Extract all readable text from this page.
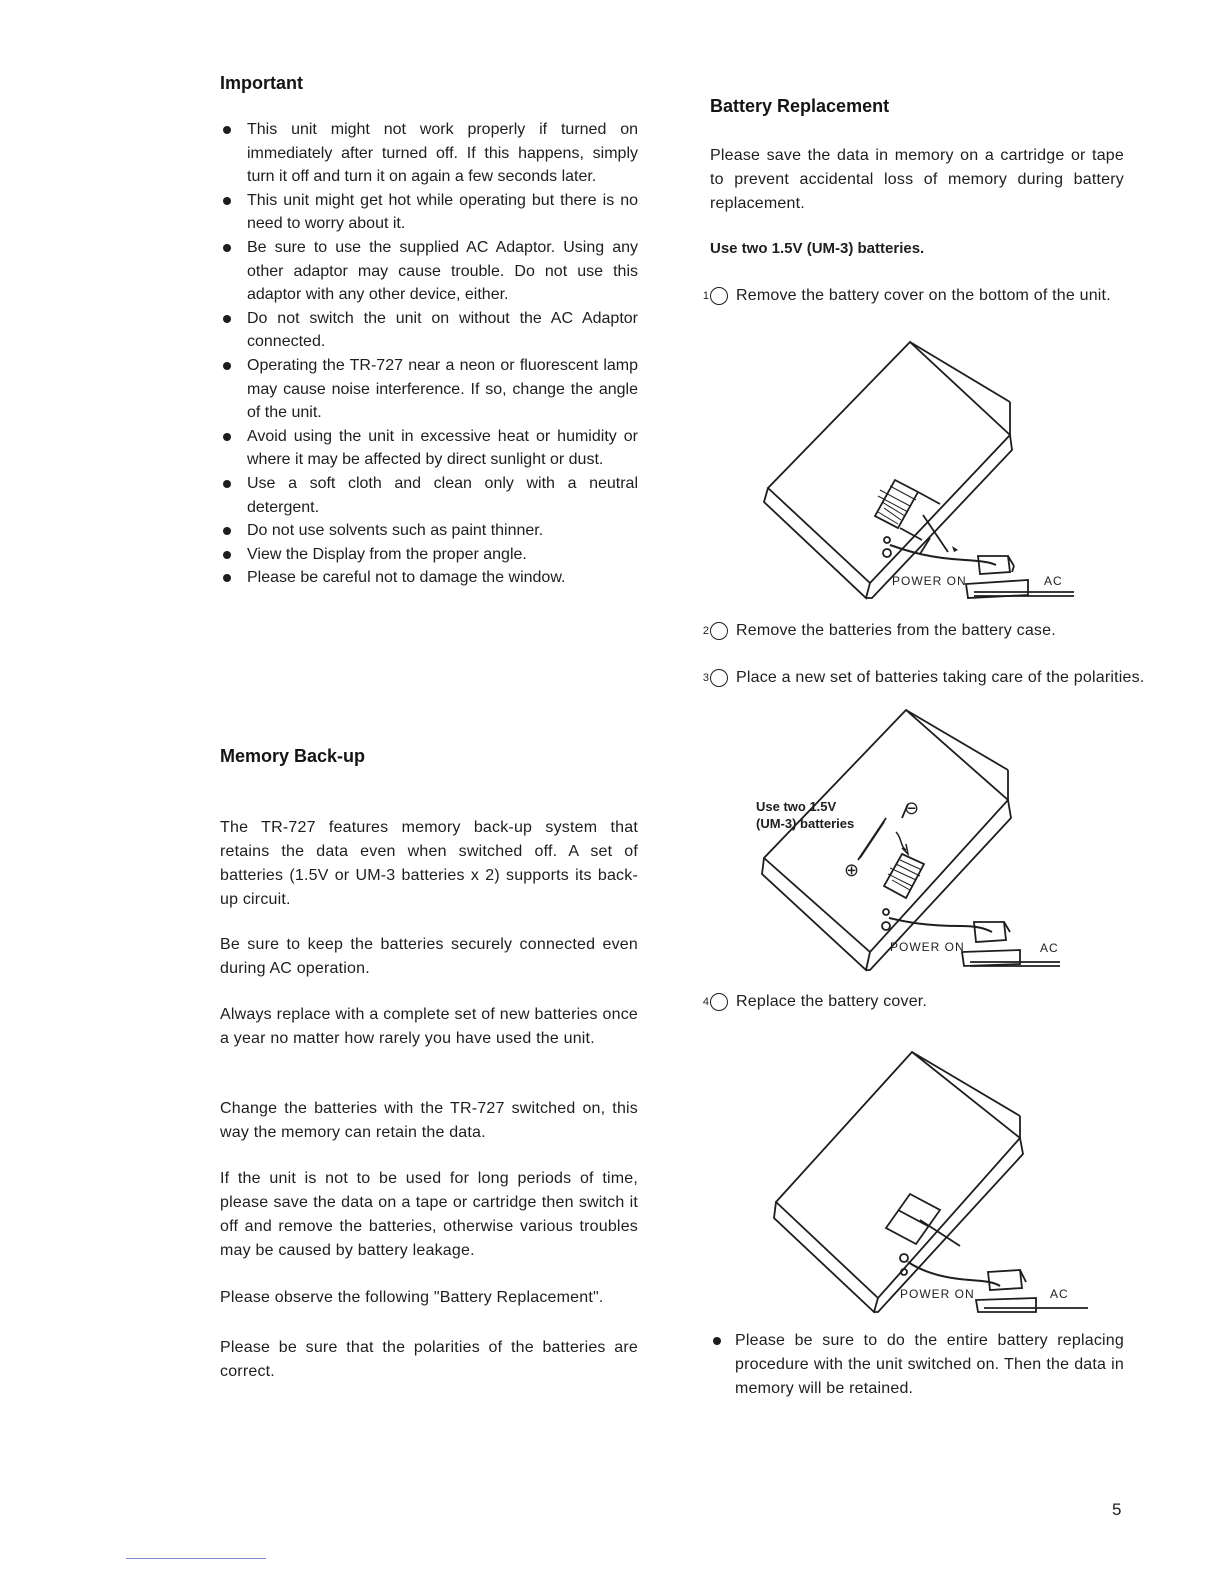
Important
This unit might not work properly if turned on immediately after turned off. If this happens, simply turn it off and turn it on again a few seconds later.
This unit might get hot while operating but there is no need to worry about it.
Be sure to use the supplied AC Adaptor. Using any other adaptor may cause trouble. Do not use this adaptor with any other device, either.
Do not switch the unit on without the AC Adaptor connected.
Operating the TR-727 near a neon or fluorescent lamp may cause noise interference. If so, change the angle of the unit.
Avoid using the unit in excessive heat or humidity or where it may be affected by direct sunlight or dust.
Use a soft cloth and clean only with a neutral detergent.
Do not use solvents such as paint thinner.
View the Display from the proper angle.
Please be careful not to damage the window.
Memory Back-up

The TR-727 features memory back-up system that retains the data even when switched off. A set of batteries (1.5V or UM-3 batteries x 2) supports its back-up circuit.

Be sure to keep the batteries securely connected even during AC operation.

Always replace with a complete set of new batteries once a year no matter how rarely you have used the unit.

Change the batteries with the TR-727 switched on, this way the memory can retain the data.

If the unit is not to be used for long periods of time, please save the data on a tape or cartridge then switch it off and remove the batteries, otherwise various troubles may be caused by battery leakage.

Please observe the following "Battery Replacement".

Please be sure that the polarities of the batteries are correct.

Battery Replacement

Please save the data in memory on a cartridge or tape to prevent accidental loss of memory during battery replacement.

Use two 1.5V (UM-3) batteries.

1 Remove the battery cover on the bottom of the unit.

POWER ON	AC

2 Remove the batteries from the battery case.

3 Place a new set of batteries taking care of the polarities.

Use two 1.5V
(UM-3) batteries
⊖
⊕
POWER ON	AC

4 Replace the battery cover.

POWER ON	AC

Please be sure to do the entire battery replacing procedure with the unit switched on. Then the data in memory will be retained.

5
